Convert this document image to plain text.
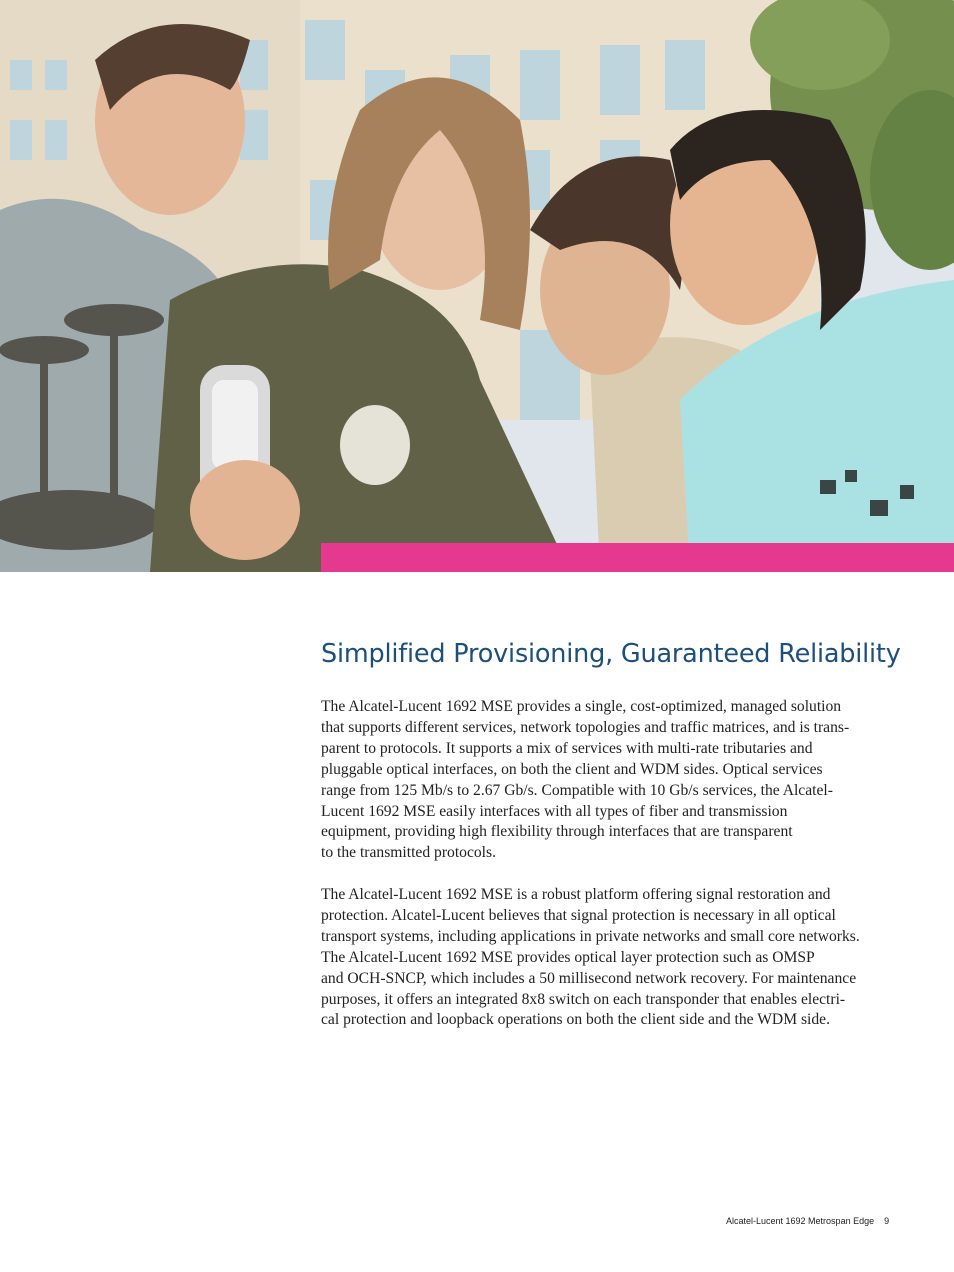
Simplified Provisioning, Guaranteed Reliability
The Alcatel-Lucent 1692 MSE provides a single, cost-optimized, managed solution
that supports different services, network topologies and traffic matrices, and is trans-
parent to protocols. It supports a mix of services with multi-rate tributaries and
pluggable optical interfaces, on both the client and WDM sides. Optical services
range from 125 Mb/s to 2.67 Gb/s. Compatible with 10 Gb/s services, the Alcatel-
Lucent 1692 MSE easily interfaces with all types of fiber and transmission
equipment, providing high flexibility through interfaces that are transparent
to the transmitted protocols.
The Alcatel-Lucent 1692 MSE is a robust platform offering signal restoration and
protection. Alcatel-Lucent believes that signal protection is necessary in all optical
transport systems, including applications in private networks and small core networks.
The Alcatel-Lucent 1692 MSE provides optical layer protection such as OMSP
and OCH-SNCP, which includes a 50 millisecond network recovery. For maintenance
purposes, it offers an integrated 8x8 switch on each transponder that enables electri-
cal protection and loopback operations on both the client side and the WDM side.
Alcatel-Lucent 1692 Metrospan Edge 9
